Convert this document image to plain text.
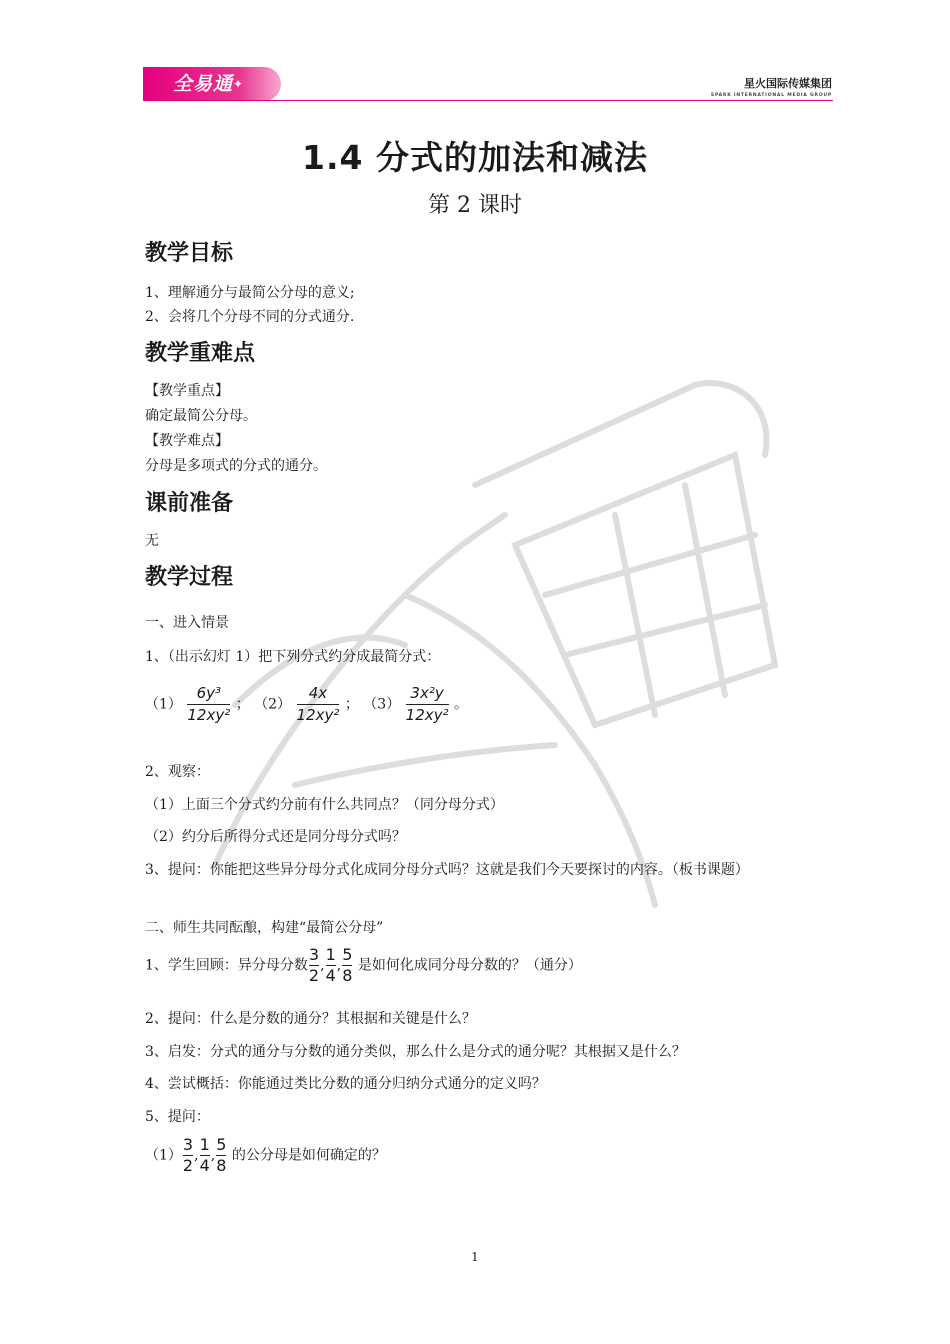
全易通✦	星火国际传媒集团
SPARK INTERNATIONAL MEDIA GROUP
1.4 分式的加法和减法
第 2 课时
教学目标
1、理解通分与最简公分母的意义;
2、会将几个分母不同的分式通分.
教学重难点
【教学重点】
确定最简公分母。
【教学难点】
分母是多项式的分式的通分。
课前准备
无
教学过程
一、进入情景
1、（出示幻灯 1）把下列分式约分成最简分式：
$(1) \frac{\text{6y³}}{\text{12xy²}}$ ； $(2) \frac{4x}{\text{12xy²}}$ ； $(3) \frac{\text{3x²y}}{\text{12xy²}}$ 。
2、观察：
（1）上面三个分式约分前有什么共同点？（同分母分式）
（2）约分后所得分式还是同分母分式吗？
3、提问：你能把这些异分母分式化成同分母分式吗？这就是我们今天要探讨的内容。（板书课题）
二、师生共同酝酿，构建“最简公分母”
1、学生回顾：异分母分数 $\frac{3}{2}$ , $\frac{1}{4}$ , $\frac{5}{8}$ 是如何化成同分母分数的？（通分）
2、提问：什么是分数的通分？其根据和关键是什么？
3、启发：分式的通分与分数的通分类似，那么什么是分式的通分呢？其根据又是什么？
4、尝试概括：你能通过类比分数的通分归纳分式通分的定义吗？
5、提问：
$(1) \frac{3}{2}$ , $\frac{1}{4}$ , $\frac{5}{8}$ 的公分母是如何确定的？
1
